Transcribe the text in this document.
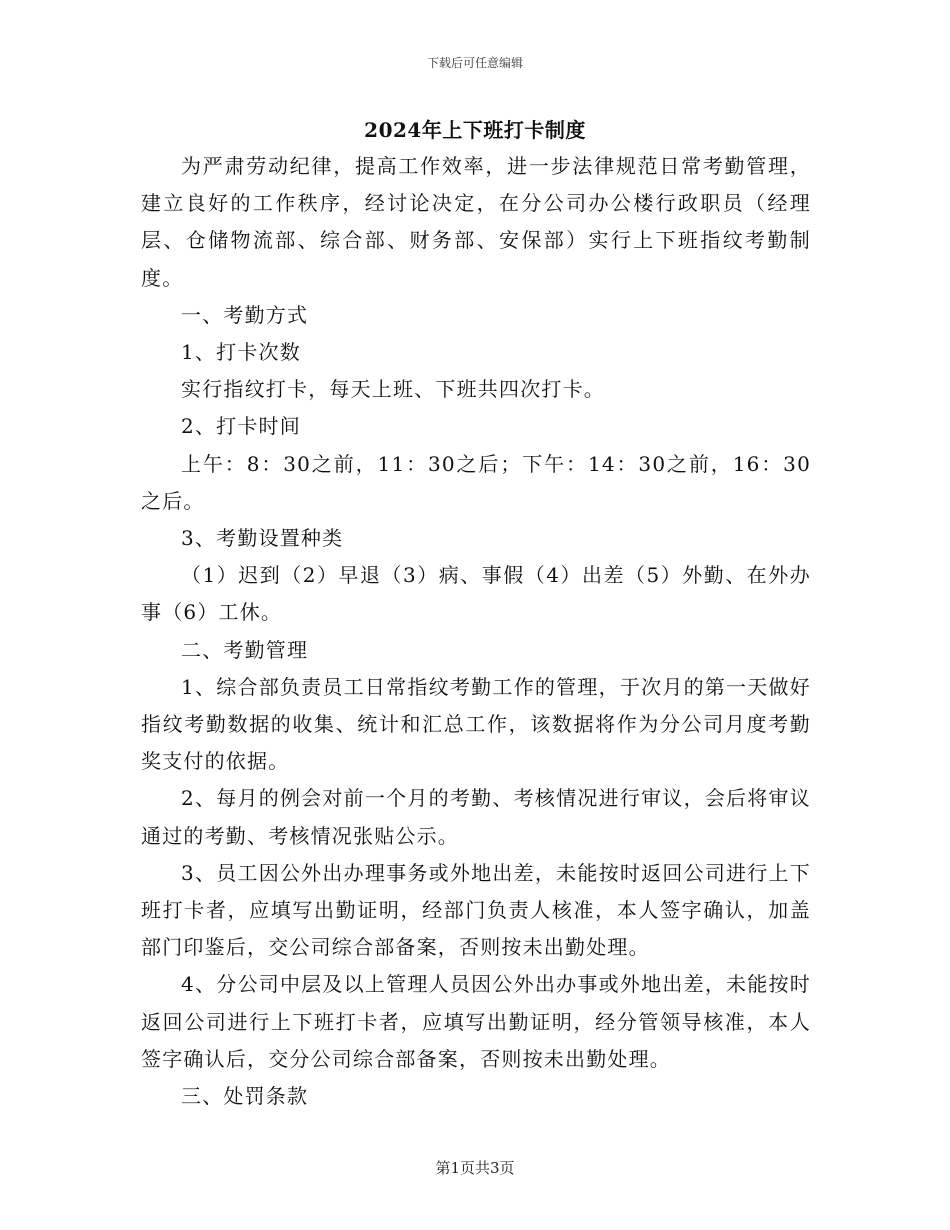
下载后可任意编辑
2024年上下班打卡制度

为严肃劳动纪律，提高工作效率，进一步法律规范日常考勤管理，建立良好的工作秩序，经讨论决定，在分公司办公楼行政职员（经理层、仓储物流部、综合部、财务部、安保部）实行上下班指纹考勤制度。

一、考勤方式

1、打卡次数

实行指纹打卡，每天上班、下班共四次打卡。

2、打卡时间

上午：8：30之前，11：30之后；下午：14：30之前，16：30之后。

3、考勤设置种类

（1）迟到（2）早退（3）病、事假（4）出差（5）外勤、在外办事（6）工休。

二、考勤管理

1、综合部负责员工日常指纹考勤工作的管理，于次月的第一天做好指纹考勤数据的收集、统计和汇总工作，该数据将作为分公司月度考勤奖支付的依据。

2、每月的例会对前一个月的考勤、考核情况进行审议，会后将审议通过的考勤、考核情况张贴公示。

3、员工因公外出办理事务或外地出差，未能按时返回公司进行上下班打卡者，应填写出勤证明，经部门负责人核准，本人签字确认，加盖部门印鉴后，交公司综合部备案，否则按未出勤处理。

4、分公司中层及以上管理人员因公外出办事或外地出差，未能按时返回公司进行上下班打卡者，应填写出勤证明，经分管领导核准，本人签字确认后，交分公司综合部备案，否则按未出勤处理。

三、处罚条款

第1页共3页
